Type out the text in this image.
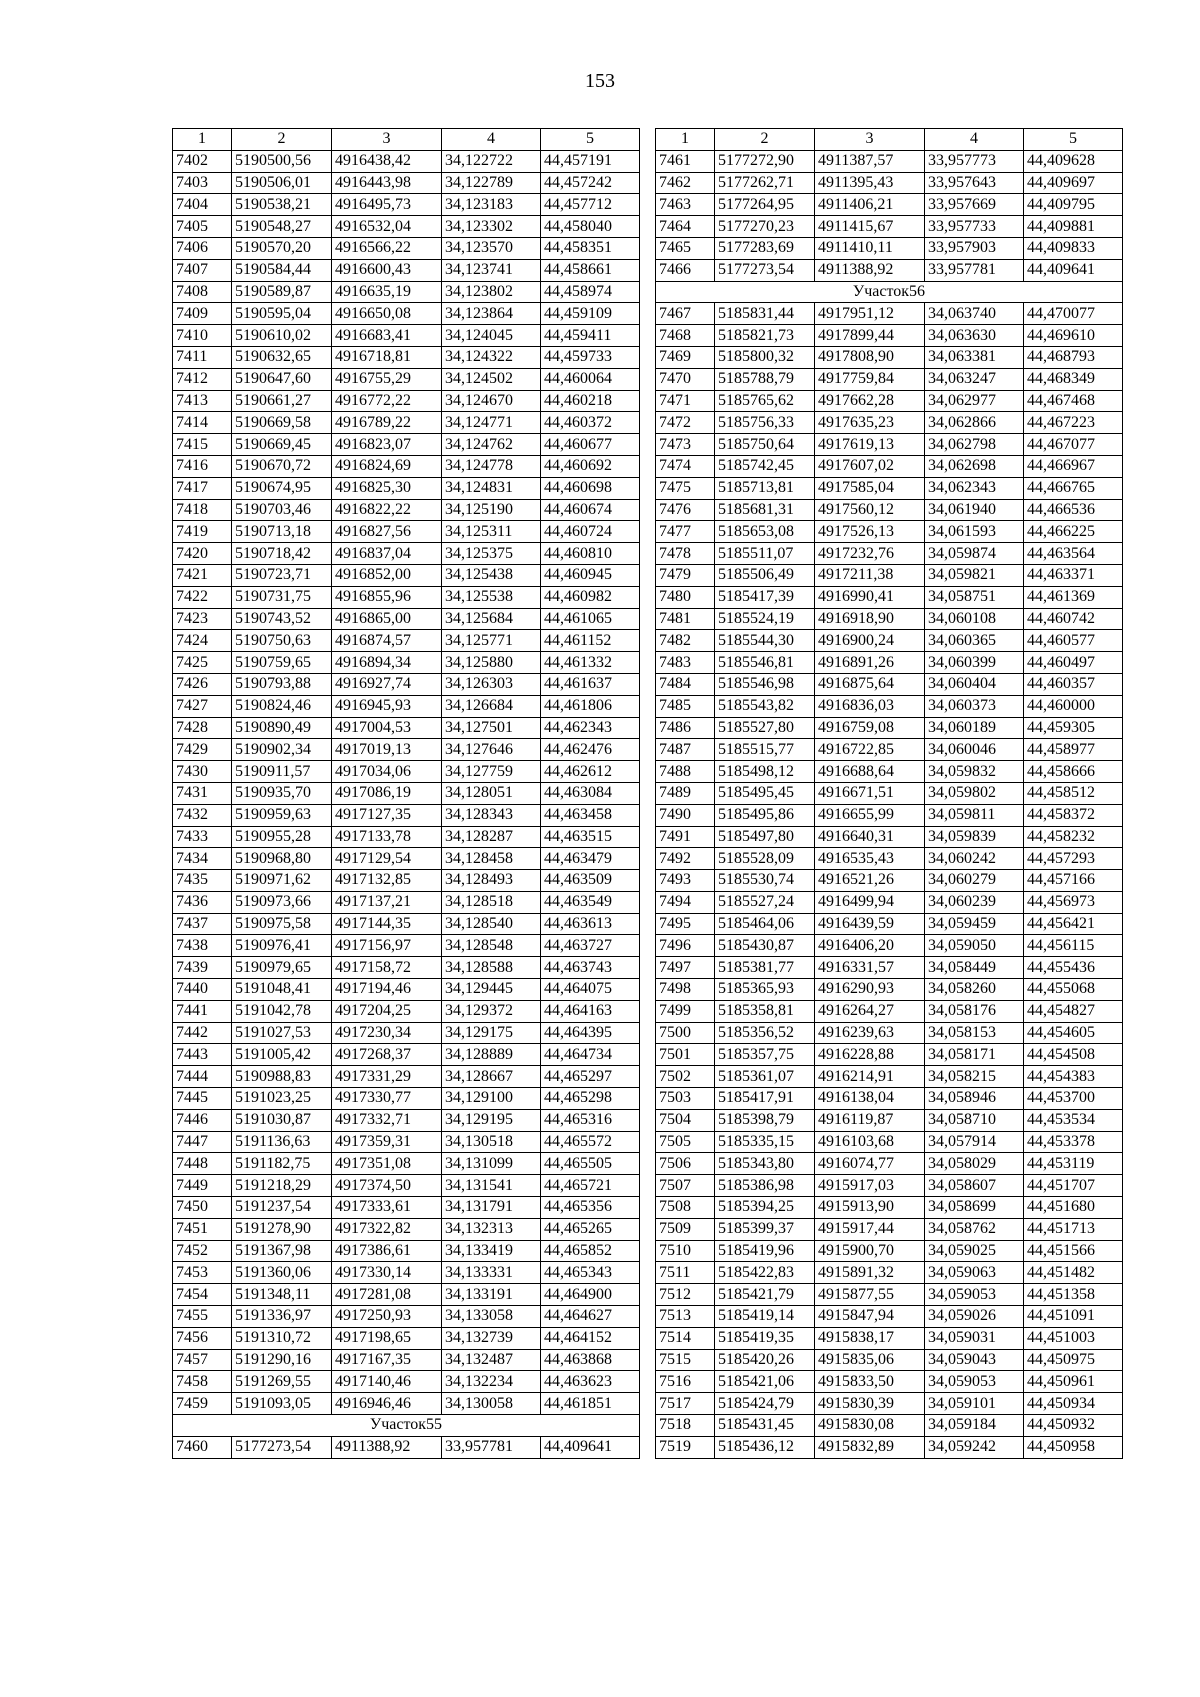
153
1	2	3	4	5
7402	5190500,56	4916438,42	34,122722	44,457191
7403	5190506,01	4916443,98	34,122789	44,457242
7404	5190538,21	4916495,73	34,123183	44,457712
7405	5190548,27	4916532,04	34,123302	44,458040
7406	5190570,20	4916566,22	34,123570	44,458351
7407	5190584,44	4916600,43	34,123741	44,458661
7408	5190589,87	4916635,19	34,123802	44,458974
7409	5190595,04	4916650,08	34,123864	44,459109
7410	5190610,02	4916683,41	34,124045	44,459411
7411	5190632,65	4916718,81	34,124322	44,459733
7412	5190647,60	4916755,29	34,124502	44,460064
7413	5190661,27	4916772,22	34,124670	44,460218
7414	5190669,58	4916789,22	34,124771	44,460372
7415	5190669,45	4916823,07	34,124762	44,460677
7416	5190670,72	4916824,69	34,124778	44,460692
7417	5190674,95	4916825,30	34,124831	44,460698
7418	5190703,46	4916822,22	34,125190	44,460674
7419	5190713,18	4916827,56	34,125311	44,460724
7420	5190718,42	4916837,04	34,125375	44,460810
7421	5190723,71	4916852,00	34,125438	44,460945
7422	5190731,75	4916855,96	34,125538	44,460982
7423	5190743,52	4916865,00	34,125684	44,461065
7424	5190750,63	4916874,57	34,125771	44,461152
7425	5190759,65	4916894,34	34,125880	44,461332
7426	5190793,88	4916927,74	34,126303	44,461637
7427	5190824,46	4916945,93	34,126684	44,461806
7428	5190890,49	4917004,53	34,127501	44,462343
7429	5190902,34	4917019,13	34,127646	44,462476
7430	5190911,57	4917034,06	34,127759	44,462612
7431	5190935,70	4917086,19	34,128051	44,463084
7432	5190959,63	4917127,35	34,128343	44,463458
7433	5190955,28	4917133,78	34,128287	44,463515
7434	5190968,80	4917129,54	34,128458	44,463479
7435	5190971,62	4917132,85	34,128493	44,463509
7436	5190973,66	4917137,21	34,128518	44,463549
7437	5190975,58	4917144,35	34,128540	44,463613
7438	5190976,41	4917156,97	34,128548	44,463727
7439	5190979,65	4917158,72	34,128588	44,463743
7440	5191048,41	4917194,46	34,129445	44,464075
7441	5191042,78	4917204,25	34,129372	44,464163
7442	5191027,53	4917230,34	34,129175	44,464395
7443	5191005,42	4917268,37	34,128889	44,464734
7444	5190988,83	4917331,29	34,128667	44,465297
7445	5191023,25	4917330,77	34,129100	44,465298
7446	5191030,87	4917332,71	34,129195	44,465316
7447	5191136,63	4917359,31	34,130518	44,465572
7448	5191182,75	4917351,08	34,131099	44,465505
7449	5191218,29	4917374,50	34,131541	44,465721
7450	5191237,54	4917333,61	34,131791	44,465356
7451	5191278,90	4917322,82	34,132313	44,465265
7452	5191367,98	4917386,61	34,133419	44,465852
7453	5191360,06	4917330,14	34,133331	44,465343
7454	5191348,11	4917281,08	34,133191	44,464900
7455	5191336,97	4917250,93	34,133058	44,464627
7456	5191310,72	4917198,65	34,132739	44,464152
7457	5191290,16	4917167,35	34,132487	44,463868
7458	5191269,55	4917140,46	34,132234	44,463623
7459	5191093,05	4916946,46	34,130058	44,461851
Участок55				
7460	5177273,54	4911388,92	33,957781	44,409641
1	2	3	4	5
7461	5177272,90	4911387,57	33,957773	44,409628
7462	5177262,71	4911395,43	33,957643	44,409697
7463	5177264,95	4911406,21	33,957669	44,409795
7464	5177270,23	4911415,67	33,957733	44,409881
7465	5177283,69	4911410,11	33,957903	44,409833
7466	5177273,54	4911388,92	33,957781	44,409641
Участок56				
7467	5185831,44	4917951,12	34,063740	44,470077
7468	5185821,73	4917899,44	34,063630	44,469610
7469	5185800,32	4917808,90	34,063381	44,468793
7470	5185788,79	4917759,84	34,063247	44,468349
7471	5185765,62	4917662,28	34,062977	44,467468
7472	5185756,33	4917635,23	34,062866	44,467223
7473	5185750,64	4917619,13	34,062798	44,467077
7474	5185742,45	4917607,02	34,062698	44,466967
7475	5185713,81	4917585,04	34,062343	44,466765
7476	5185681,31	4917560,12	34,061940	44,466536
7477	5185653,08	4917526,13	34,061593	44,466225
7478	5185511,07	4917232,76	34,059874	44,463564
7479	5185506,49	4917211,38	34,059821	44,463371
7480	5185417,39	4916990,41	34,058751	44,461369
7481	5185524,19	4916918,90	34,060108	44,460742
7482	5185544,30	4916900,24	34,060365	44,460577
7483	5185546,81	4916891,26	34,060399	44,460497
7484	5185546,98	4916875,64	34,060404	44,460357
7485	5185543,82	4916836,03	34,060373	44,460000
7486	5185527,80	4916759,08	34,060189	44,459305
7487	5185515,77	4916722,85	34,060046	44,458977
7488	5185498,12	4916688,64	34,059832	44,458666
7489	5185495,45	4916671,51	34,059802	44,458512
7490	5185495,86	4916655,99	34,059811	44,458372
7491	5185497,80	4916640,31	34,059839	44,458232
7492	5185528,09	4916535,43	34,060242	44,457293
7493	5185530,74	4916521,26	34,060279	44,457166
7494	5185527,24	4916499,94	34,060239	44,456973
7495	5185464,06	4916439,59	34,059459	44,456421
7496	5185430,87	4916406,20	34,059050	44,456115
7497	5185381,77	4916331,57	34,058449	44,455436
7498	5185365,93	4916290,93	34,058260	44,455068
7499	5185358,81	4916264,27	34,058176	44,454827
7500	5185356,52	4916239,63	34,058153	44,454605
7501	5185357,75	4916228,88	34,058171	44,454508
7502	5185361,07	4916214,91	34,058215	44,454383
7503	5185417,91	4916138,04	34,058946	44,453700
7504	5185398,79	4916119,87	34,058710	44,453534
7505	5185335,15	4916103,68	34,057914	44,453378
7506	5185343,80	4916074,77	34,058029	44,453119
7507	5185386,98	4915917,03	34,058607	44,451707
7508	5185394,25	4915913,90	34,058699	44,451680
7509	5185399,37	4915917,44	34,058762	44,451713
7510	5185419,96	4915900,70	34,059025	44,451566
7511	5185422,83	4915891,32	34,059063	44,451482
7512	5185421,79	4915877,55	34,059053	44,451358
7513	5185419,14	4915847,94	34,059026	44,451091
7514	5185419,35	4915838,17	34,059031	44,451003
7515	5185420,26	4915835,06	34,059043	44,450975
7516	5185421,06	4915833,50	34,059053	44,450961
7517	5185424,79	4915830,39	34,059101	44,450934
7518	5185431,45	4915830,08	34,059184	44,450932
7519	5185436,12	4915832,89	34,059242	44,450958
